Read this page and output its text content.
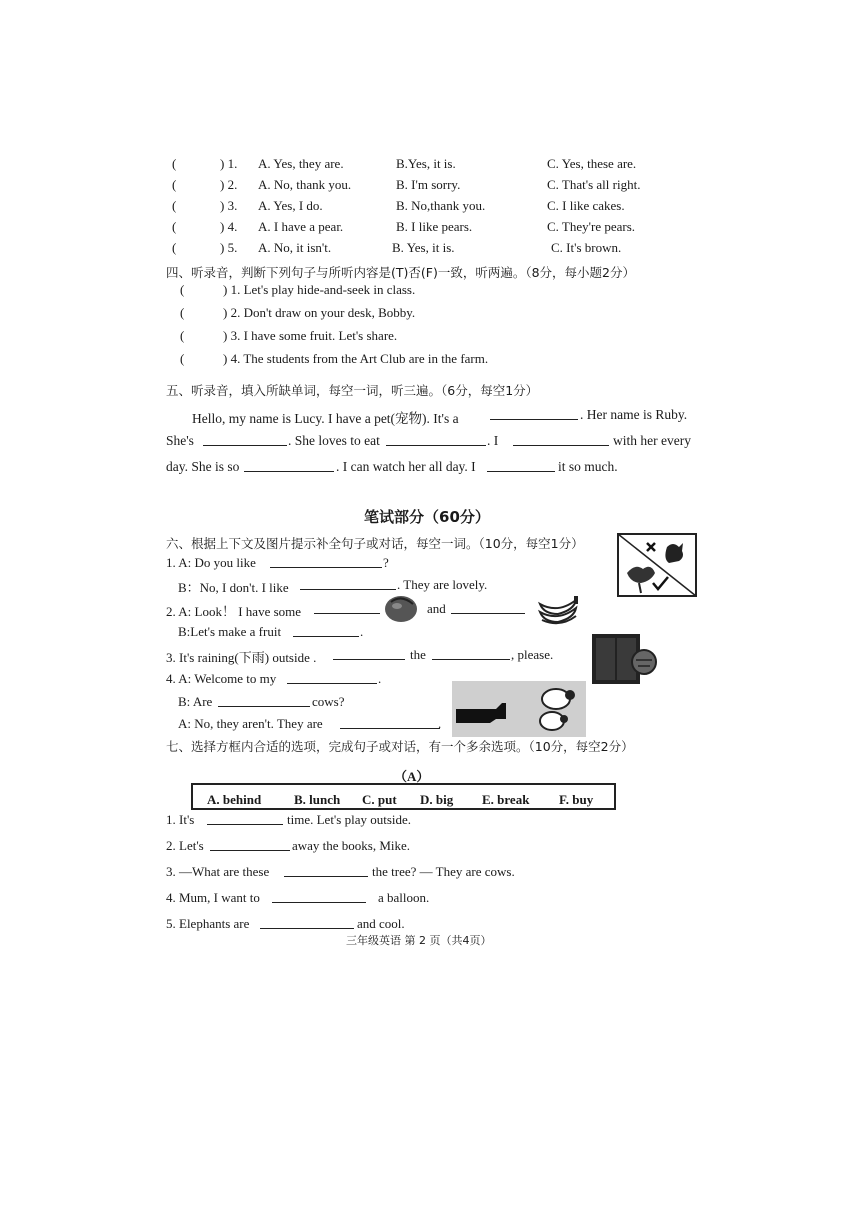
(	) 1. A. Yes, they are.	B.Yes, it is.	C. Yes, these are.
(	) 2. A. No, thank you.	B. I'm sorry.	C. That's all right.
(	) 3. A. Yes, I do.	B. No,thank you.	C. I like cakes.
(	) 4. A. I have a pear.	B. I like pears.	C. They're pears.
(	) 5. A. No, it isn't.	B. Yes, it is.	C. It's brown.
四、听录音，判断下列句子与所听内容是(T)否(F)一致，听两遍。（8分，每小题2分）
(	) 1. Let's play hide-and-seek in class.
(	) 2. Don't draw on your desk, Bobby.
(	) 3. I have some fruit. Let's share.
(	) 4. The students from the Art Club are in the farm.
五、听录音，填入所缺单词，每空一词，听三遍。（6分，每空1分）
Hello, my name is Lucy. I have a pet(宠物). It's a	. Her name is Ruby.
She's	. She loves to eat	. I	with her every
day. She is so	. I can watch her all day. I	it so much.
笔试部分（60分）
六、根据上下文及图片提示补全句子或对话，每空一词。（10分，每空1分）
1. A: Do you like	?
B：No, I don't. I like	. They are lovely.
2. A: Look！ I have some	and
B:Let's make a fruit	.
3. It's raining(下雨) outside .	the	, please.
4. A: Welcome to my	.
B: Are	cows?
A: No, they aren't. They are	.
七、选择方框内合适的选项，完成句子或对话，有一个多余选项。（10分，每空2分）
（A）
A. behind	B. lunch C. put D. big E. break F. buy
1. It's	time. Let's play outside.
2. Let's	away the books, Mike.
3. —What are these	the tree? — They are cows.
4. Mum, I want to	a balloon.
5. Elephants are	and cool.
三年级英语 第 2 页（共4页）
